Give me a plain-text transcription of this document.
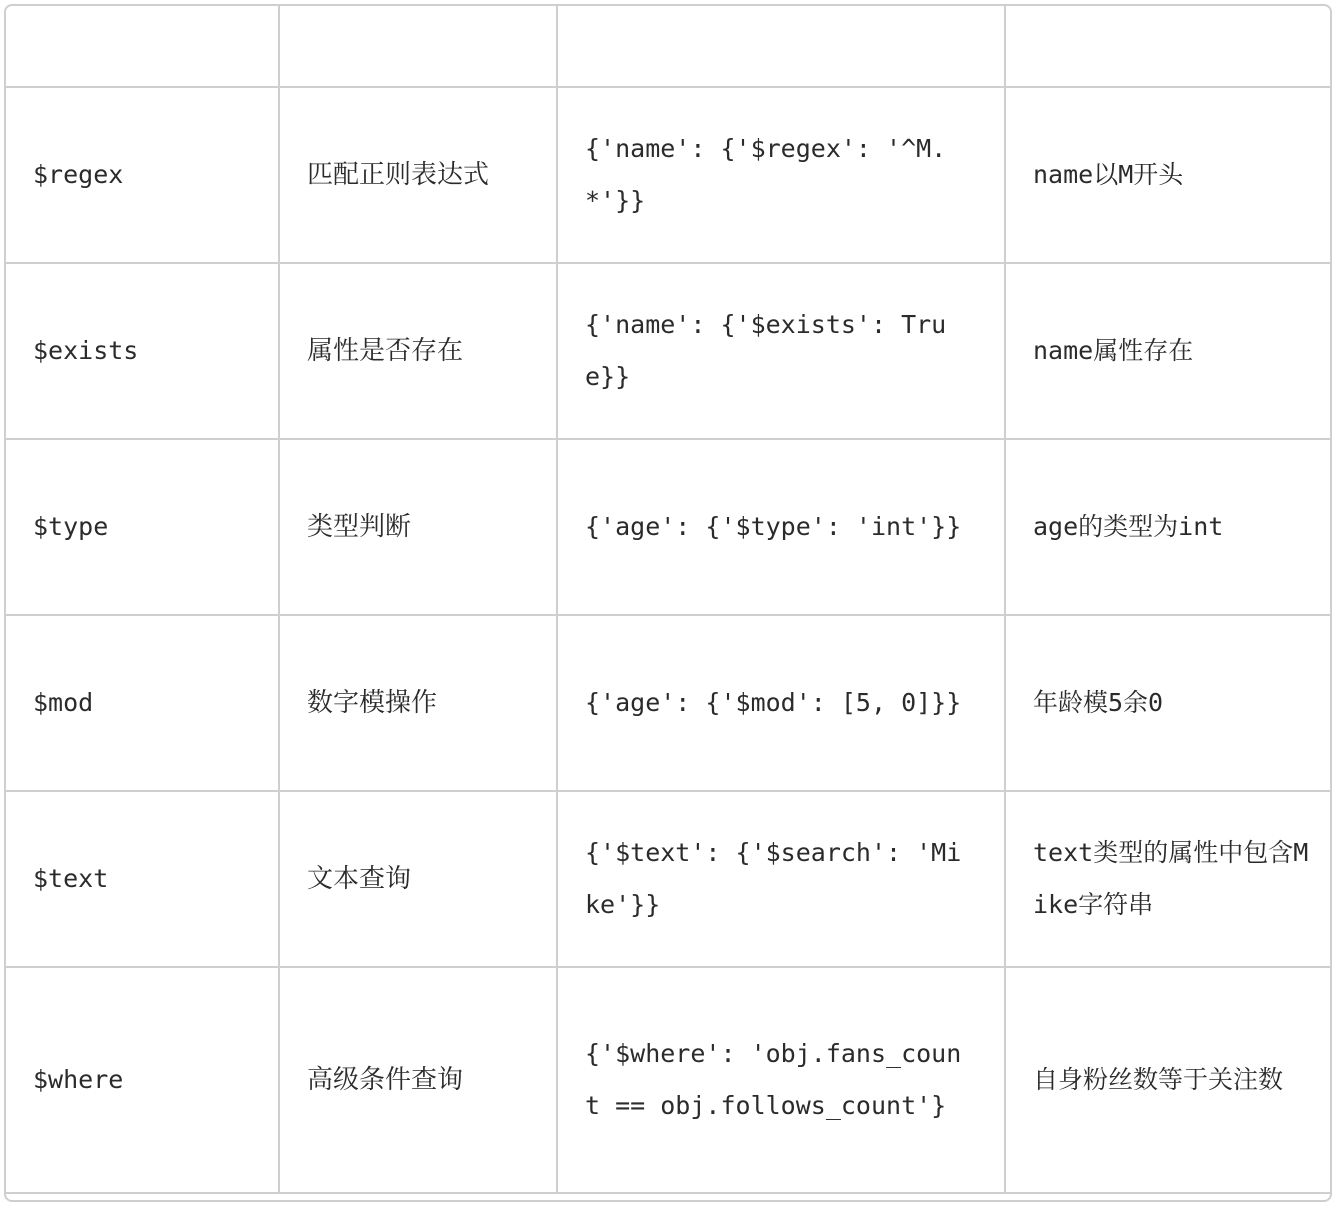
$regex	匹配正则表达式	{'name': {'$regex': '^M.*'}}	name以M开头
$exists	属性是否存在	{'name': {'$exists': True}}	name属性存在
$type	类型判断	{'age': {'$type': 'int'}}	age的类型为int
$mod	数字模操作	{'age': {'$mod': [5, 0]}}	年龄模5余0
$text	文本查询	{'$text': {'$search': 'Mike'}}	text类型的属性中包含Mike字符串
$where	高级条件查询	{'$where': 'obj.fans_count == obj.follows_count'}	自身粉丝数等于关注数
